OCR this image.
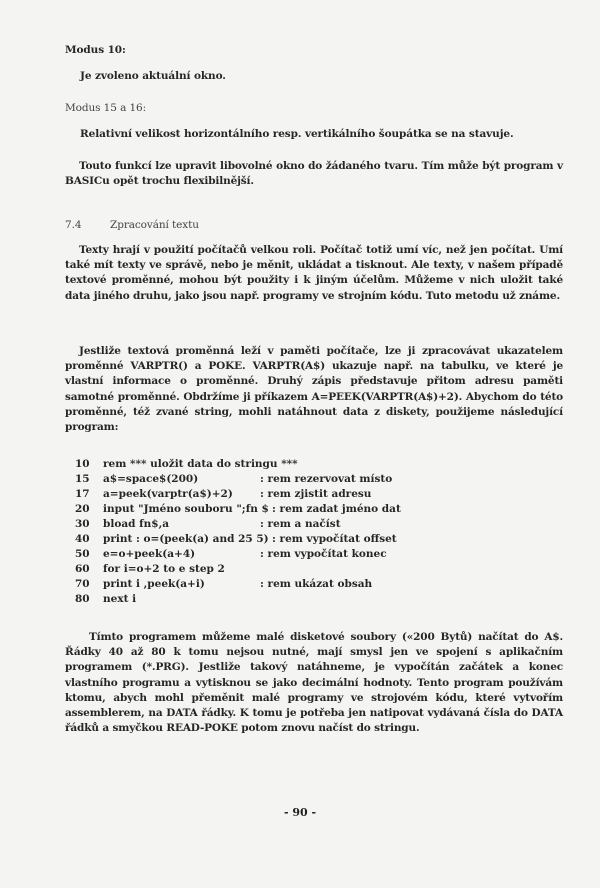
Modus 10:
Je zvoleno aktuální okno.
Modus 15 a 16:
Relativní velikost horizontálního resp. vertikálního šoupátka se na stavuje.
Touto funkcí lze upravit libovolné okno do žádaného tvaru. Tím může být program v BASICu opět trochu flexibilnější.
7.4	Zpracování textu
Texty hrají v použití počítačů velkou roli. Počítač totiž umí víc, než jen počítat. Umí také mít texty ve správě, nebo je měnit, ukládat a tisknout. Ale texty, v našem případě textové proměnné, mohou být použity i k jiným účelům. Můžeme v nich uložit také data jiného druhu, jako jsou např. programy ve strojním kódu. Tuto metodu už známe.
Jestliže textová proměnná leží v paměti počítače, lze ji zpracovávat ukazatelem proměnné VARPTR() a POKE. VARPTR(A$) ukazuje např. na tabulku, ve které je vlastní informace o proměnné. Druhý zápis představuje přitom adresu paměti samotné proměnné. Obdržíme ji příkazem A=PEEK(VARPTR(A$)+2). Abychom do této proměnné, též zvané string, mohli natáhnout data z diskety, použijeme následující program:
10	rem *** uložit data do stringu ***
15	a$=space$(200)	: rem rezervovat místo
17	a=peek(varptr(a$)+2)	: rem zjistit adresu
20	input "Jméno souboru ";fn $ : rem zadat jméno dat
30	bload fn$,a	: rem a načíst
40	print : o=(peek(a) and 25 5) : rem vypočítat offset
50	e=o+peek(a+4)	: rem vypočítat konec
60	for i=o+2 to e step 2
70	print i ,peek(a+i)	: rem ukázat obsah
80	next i
Tímto programem můžeme malé disketové soubory («200 Bytů) načítat do A$. Řádky 40 až 80 k tomu nejsou nutné, mají smysl jen ve spojení s aplikačním programem (*.PRG). Jestliže takový natáhneme, je vypočítán začátek a konec vlastního programu a vytisknou se jako decimální hodnoty. Tento program používám ktomu, abych mohl přeměnit malé programy ve strojovém kódu, které vytvořím assemblerem, na DATA řádky. K tomu je potřeba jen natipovat vydávaná čísla do DATA řádků a smyčkou READ-POKE potom znovu načíst do stringu.
- 90 -
